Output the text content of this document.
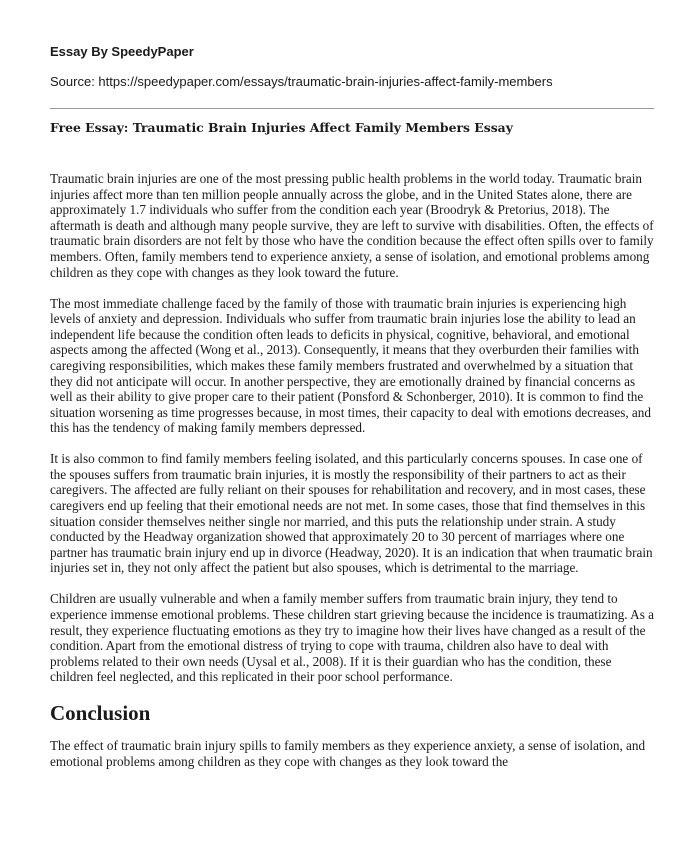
Essay By SpeedyPaper

Source: https://speedypaper.com/essays/traumatic-brain-injuries-affect-family-members

Free Essay: Traumatic Brain Injuries Affect Family Members Essay

Traumatic brain injuries are one of the most pressing public health problems in the world today. Traumatic brain injuries affect more than ten million people annually across the globe, and in the United States alone, there are approximately 1.7 individuals who suffer from the condition each year (Broodryk & Pretorius, 2018). The aftermath is death and although many people survive, they are left to survive with disabilities. Often, the effects of traumatic brain disorders are not felt by those who have the condition because the effect often spills over to family members. Often, family members tend to experience anxiety, a sense of isolation, and emotional problems among children as they cope with changes as they look toward the future.

The most immediate challenge faced by the family of those with traumatic brain injuries is experiencing high levels of anxiety and depression. Individuals who suffer from traumatic brain injuries lose the ability to lead an independent life because the condition often leads to deficits in physical, cognitive, behavioral, and emotional aspects among the affected (Wong et al., 2013). Consequently, it means that they overburden their families with caregiving responsibilities, which makes these family members frustrated and overwhelmed by a situation that they did not anticipate will occur. In another perspective, they are emotionally drained by financial concerns as well as their ability to give proper care to their patient (Ponsford & Schonberger, 2010). It is common to find the situation worsening as time progresses because, in most times, their capacity to deal with emotions decreases, and this has the tendency of making family members depressed.

It is also common to find family members feeling isolated, and this particularly concerns spouses. In case one of the spouses suffers from traumatic brain injuries, it is mostly the responsibility of their partners to act as their caregivers. The affected are fully reliant on their spouses for rehabilitation and recovery, and in most cases, these caregivers end up feeling that their emotional needs are not met. In some cases, those that find themselves in this situation consider themselves neither single nor married, and this puts the relationship under strain. A study conducted by the Headway organization showed that approximately 20 to 30 percent of marriages where one partner has traumatic brain injury end up in divorce (Headway, 2020). It is an indication that when traumatic brain injuries set in, they not only affect the patient but also spouses, which is detrimental to the marriage.

Children are usually vulnerable and when a family member suffers from traumatic brain injury, they tend to experience immense emotional problems. These children start grieving because the incidence is traumatizing. As a result, they experience fluctuating emotions as they try to imagine how their lives have changed as a result of the condition. Apart from the emotional distress of trying to cope with trauma, children also have to deal with problems related to their own needs (Uysal et al., 2008). If it is their guardian who has the condition, these children feel neglected, and this replicated in their poor school performance.

Conclusion

The effect of traumatic brain injury spills to family members as they experience anxiety, a sense of isolation, and emotional problems among children as they cope with changes as they look toward the
